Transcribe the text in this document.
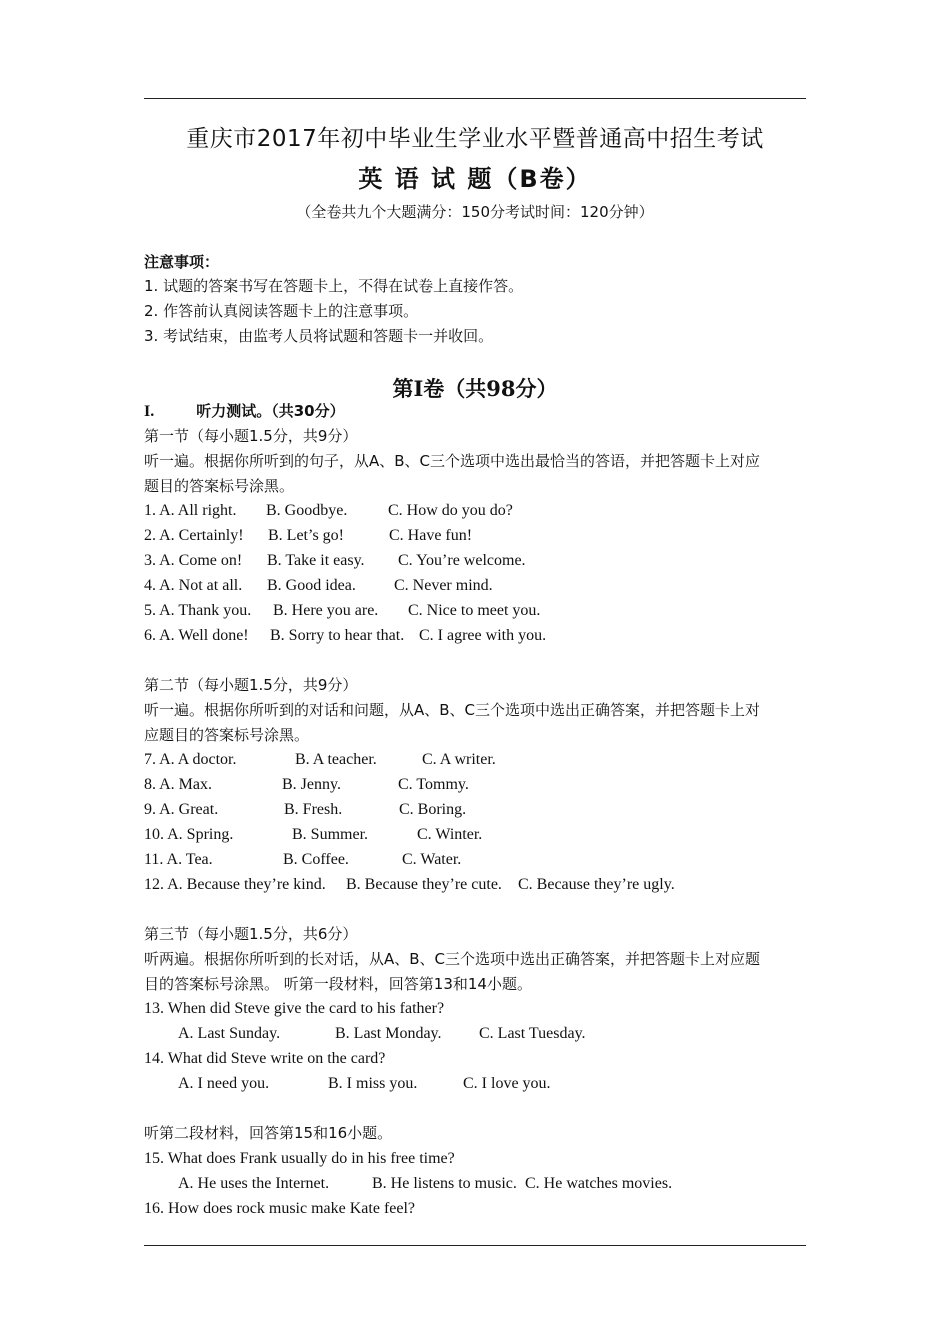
重庆市2017年初中毕业生学业水平暨普通高中招生考试
英 语 试 题（B卷）
（全卷共九个大题满分：150分考试时间：120分钟）
注意事项：
1. 试题的答案书写在答题卡上，不得在试卷上直接作答。
2. 作答前认真阅读答题卡上的注意事项。
3. 考试结束，由监考人员将试题和答题卡一并收回。
第I卷（共98分）
I.	听力测试。（共30分）
第一节（每小题1.5分，共9分）
听一遍。根据你所听到的句子，从A、B、C三个选项中选出最恰当的答语，并把答题卡上对应
题目的答案标号涂黑。
1. A. All right. B. Goodbye.	C. How do you do?
2. A. Certainly! B. Let’s go!	C. Have fun!
3. A. Come on! B. Take it easy. C. You’re welcome.
4. A. Not at all. B. Good idea. C. Never mind.
5. A. Thank you. B. Here you are. C. Nice to meet you.
6. A. Well done! B. Sorry to hear that. C. I agree with you.
第二节（每小题1.5分，共9分）
听一遍。根据你所听到的对话和问题，从A、B、C三个选项中选出正确答案，并把答题卡上对
应题目的答案标号涂黑。
7. A. A doctor.	B. A teacher.	C. A writer.
8. A. Max.	B. Jenny.	C. Tommy.
9. A. Great.	B. Fresh.	C. Boring.
10. A. Spring.	B. Summer.	C. Winter.
11. A. Tea.	B. Coffee.	C. Water.
12. A. Because they’re kind. B. Because they’re cute. C. Because they’re ugly.
第三节（每小题1.5分，共6分）
听两遍。根据你所听到的长对话，从A、B、C三个选项中选出正确答案，并把答题卡上对应题
目的答案标号涂黑。 听第一段材料，回答第13和14小题。
13. When did Steve give the card to his father?
A. Last Sunday.	B. Last Monday. C. Last Tuesday.
14. What did Steve write on the card?
A. I need you.	B. I miss you.	C. I love you.
听第二段材料，回答第15和16小题。
15. What does Frank usually do in his free time?
A. He uses the Internet.	B. He listens to music. C. He watches movies.
16. How does rock music make Kate feel?
